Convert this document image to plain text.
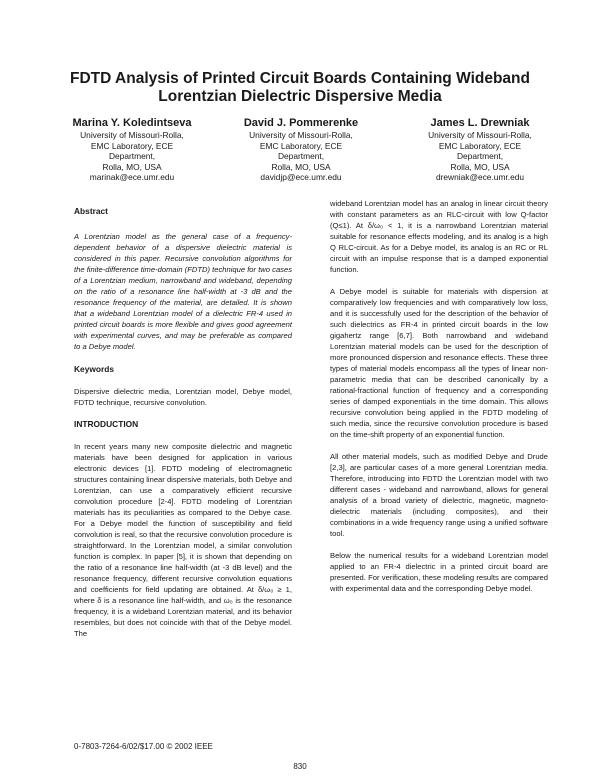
FDTD Analysis of Printed Circuit Boards Containing Wideband
Lorentzian Dielectric Dispersive Media
Marina Y. Koledintseva
University of Missouri-Rolla,
EMC Laboratory, ECE
Department,
Rolla, MO, USA
marinak@ece.umr.edu
David J. Pommerenke
University of Missouri-Rolla,
EMC Laboratory, ECE
Department,
Rolla, MO, USA
davidjp@ece.umr.edu
James L. Drewniak
University of Missouri-Rolla,
EMC Laboratory, ECE
Department,
Rolla, MO, USA
drewniak@ece.umr.edu

Abstract

A Lorentzian model as the general case of a frequency-dependent behavior of a dispersive dielectric material is considered in this paper. Recursive convolution algorithms for the finite-difference time-domain (FDTD) technique for two cases of a Lorentzian medium, narrowband and wideband, depending on the ratio of a resonance line half-width at -3 dB and the resonance frequency of the material, are detailed. It is shown that a wideband Lorentzian model of a dielectric FR-4 used in printed circuit boards is more flexible and gives good agreement with experimental curves, and may be preferable as compared to a Debye model.

Keywords

Dispersive dielectric media, Lorentzian model, Debye model, FDTD technique, recursive convolution.

INTRODUCTION

In recent years many new composite dielectric and magnetic materials have been designed for application in various electronic devices [1]. FDTD modeling of electromagnetic structures containing linear dispersive materials, both Debye and Lorentzian, can use a comparatively efficient recursive convolution procedure [2-4]. FDTD modeling of Lorentzian materials has its peculiarities as compared to the Debye case. For a Debye model the function of susceptibility and field convolution is real, so that the recursive convolution procedure is straightforward. In the Lorentzian model, a similar convolution function is complex. In paper [5], it is shown that depending on the ratio of a resonance line half-width (at -3 dB level) and the resonance frequency, different recursive convolution equations and coefficients for field updating are obtained. At δ/ω₀ ≥ 1, where δ is a resonance line half-width, and ω₀ is the resonance frequency, it is a wideband Lorentzian material, and its behavior resembles, but does not coincide with that of the Debye model. The

wideband Lorentzian model has an analog in linear circuit theory with constant parameters as an RLC-circuit with low Q-factor (Q≤1). At δ/ω₀ < 1, it is a narrowband Lorentzian material suitable for resonance effects modeling, and its analog is a high Q RLC-circuit. As for a Debye model, its analog is an RC or RL circuit with an impulse response that is a damped exponential function.

A Debye model is suitable for materials with dispersion at comparatively low frequencies and with comparatively low loss, and it is successfully used for the description of the behavior of such dielectrics as FR-4 in printed circuit boards in the low gigahertz range [6,7]. Both narrowband and wideband Lorentzian material models can be used for the description of more pronounced dispersion and resonance effects. These three types of material models encompass all the types of linear non-parametric media that can be described canonically by a rational-fractional function of frequency and a corresponding series of damped exponentials in the time domain. This allows recursive convolution being applied in the FDTD modeling of such media, since the recursive convolution procedure is based on the time-shift property of an exponential function.

All other material models, such as modified Debye and Drude [2,3], are particular cases of a more general Lorentzian media. Therefore, introducing into FDTD the Lorentzian model with two different cases - wideband and narrowband, allows for general analysis of a broad variety of dielectric, magnetic, magneto-dielectric materials (including composites), and their combinations in a wide frequency range using a unified software tool.

Below the numerical results for a wideband Lorentzian model applied to an FR-4 dielectric in a printed circuit board are presented. For verification, these modeling results are compared with experimental data and the corresponding Debye model.

0-7803-7264-6/02/$17.00 © 2002 IEEE
830
